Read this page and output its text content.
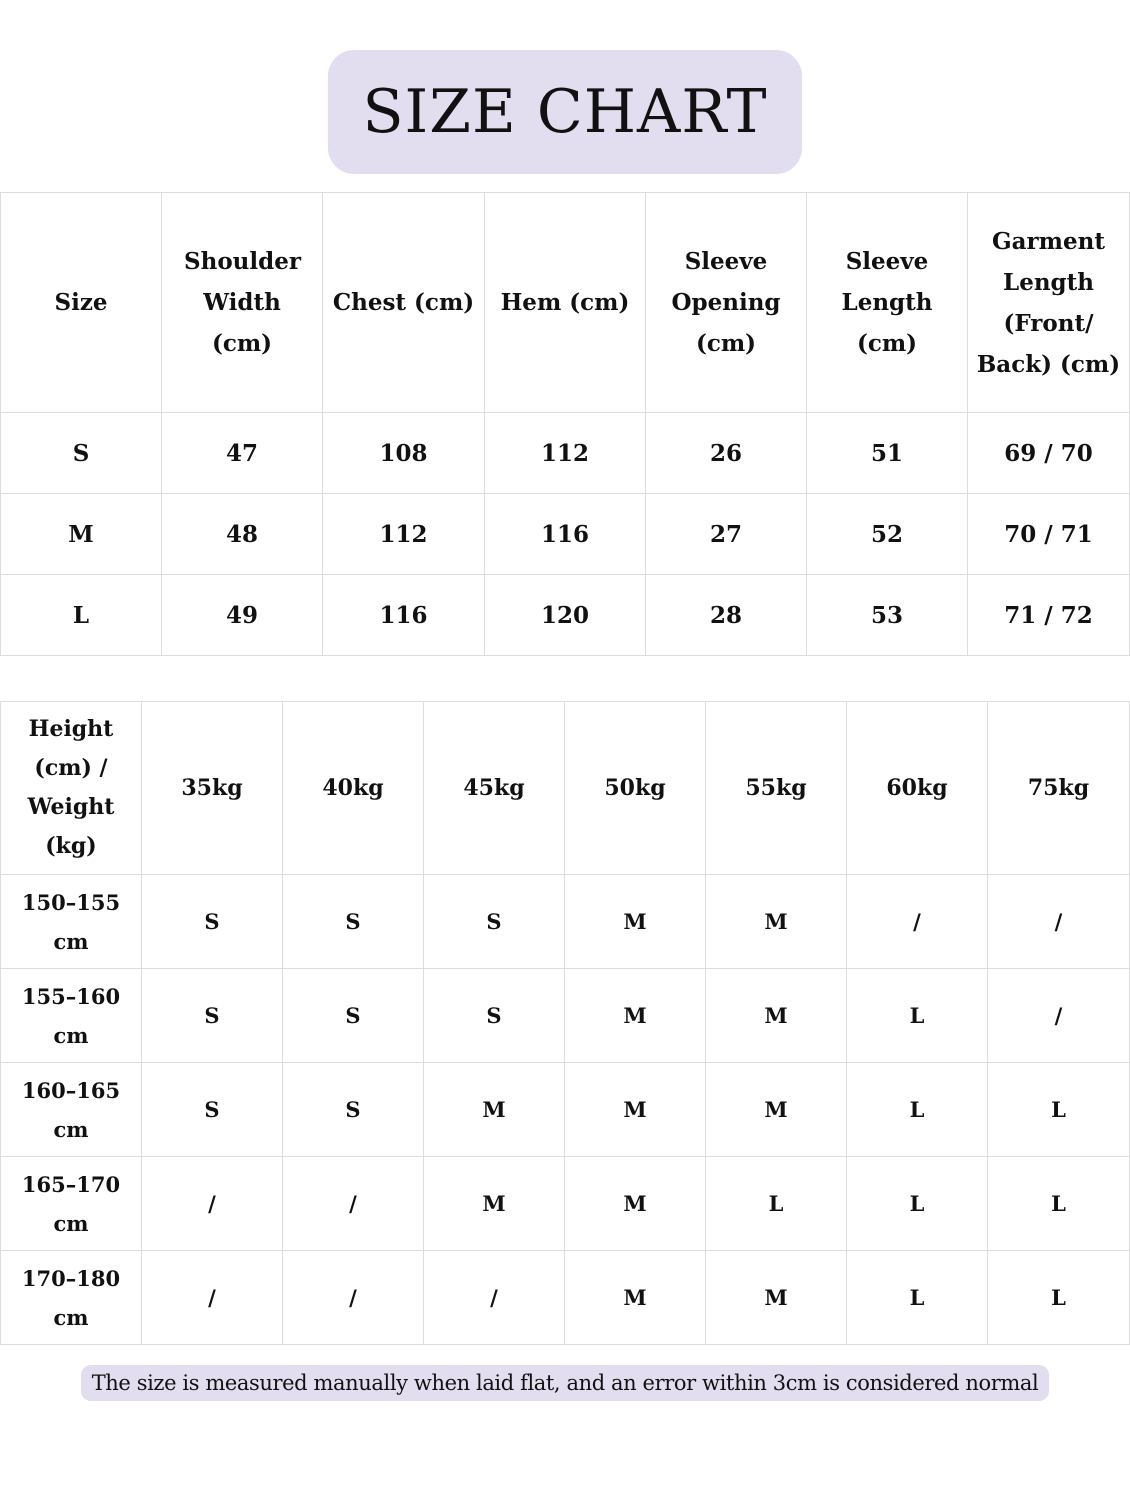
SIZE CHART
Size	Shoulder Width (cm)	Chest (cm)	Hem (cm)	Sleeve Opening (cm)	Sleeve Length (cm)	Garment Length (Front/ Back) (cm)
S	47	108	112	26	51	69 / 70
M	48	112	116	27	52	70 / 71
L	49	116	120	28	53	71 / 72
Height (cm) / Weight (kg)	35kg	40kg	45kg	50kg	55kg	60kg	75kg
150–155 cm	S	S	S	M	M	/	/
155–160 cm	S	S	S	M	M	L	/
160–165 cm	S	S	M	M	M	L	L
165–170 cm	/	/	M	M	L	L	L
170–180 cm	/	/	/	M	M	L	L
The size is measured manually when laid flat, and an error within 3cm is considered normal
